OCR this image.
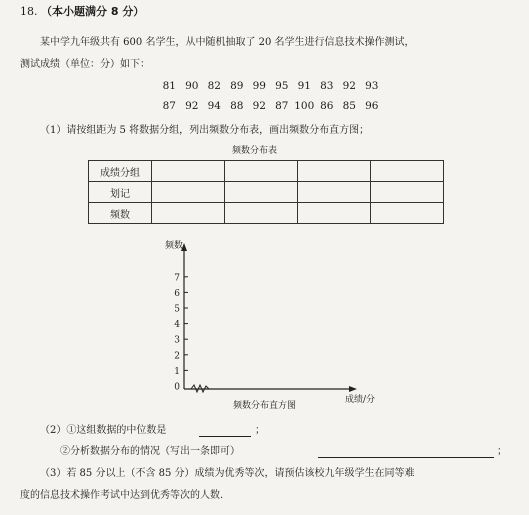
18. （本小题满分 8 分）
某中学九年级共有 600 名学生，从中随机抽取了 20 名学生进行信息技术操作测试，
测试成绩（单位：分）如下：
81 90 82 89 99 95 91 83 92 93
87 92 94 88 92 87 100 86 85 96
（1）请按组距为 5 将数据分组，列出频数分布表，画出频数分布直方图；
频数分布表
成绩分组				
划记				
频数				
0
1
2
3
4
5
6
7
频数
成绩/分
频数分布直方图
（2）①这组数据的中位数是	；
②分析数据分布的情况（写出一条即可）	；
（3）若 85 分以上（不含 85 分）成绩为优秀等次，请预估该校九年级学生在同等难
度的信息技术操作考试中达到优秀等次的人数.
